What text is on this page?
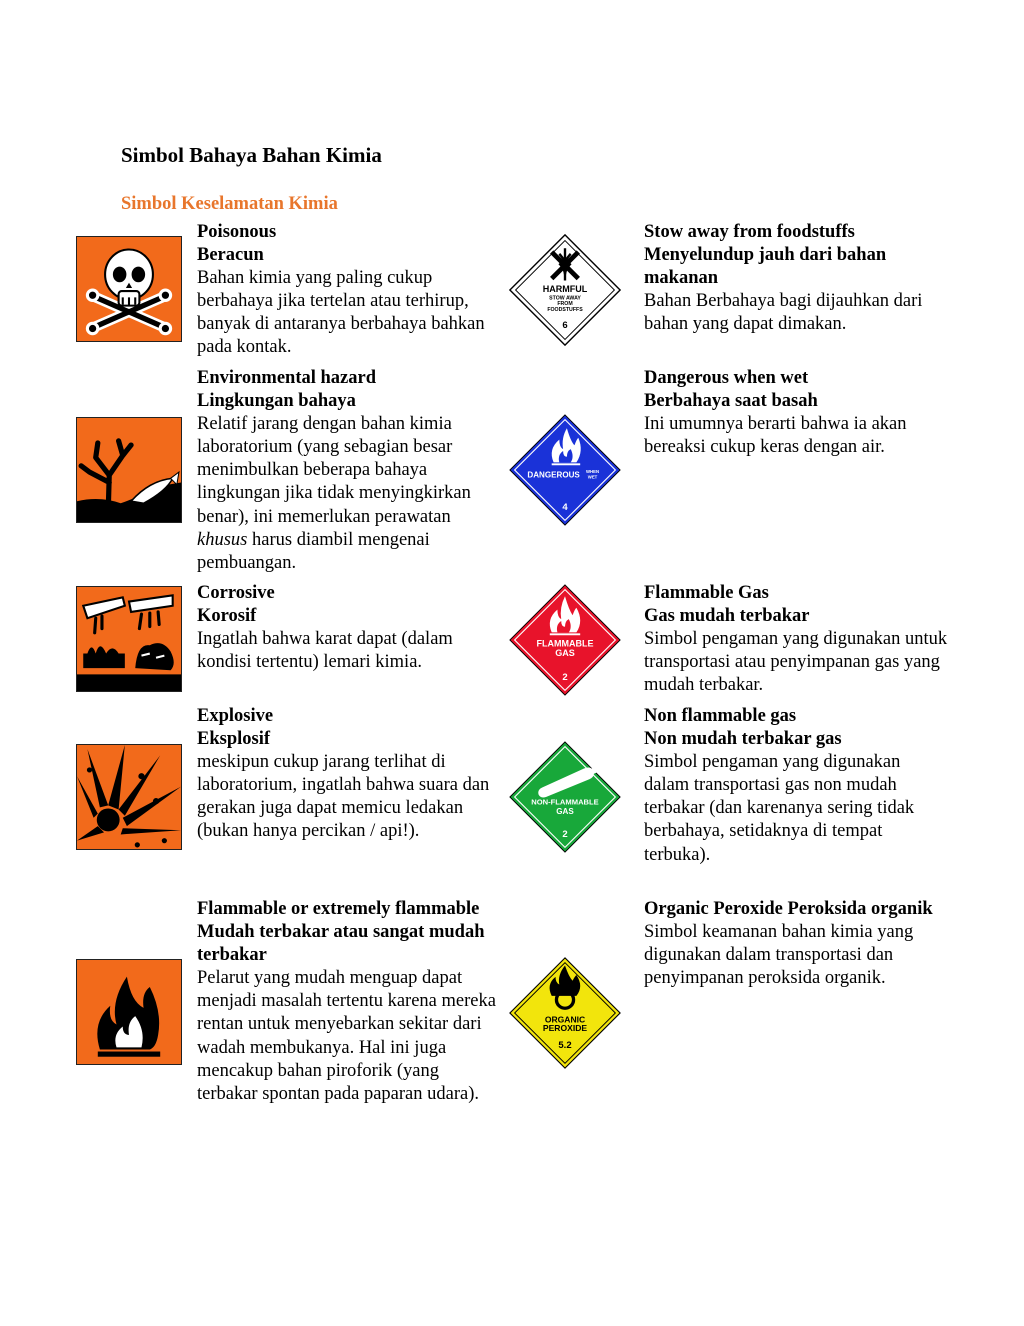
Simbol Bahaya Bahan Kimia
Simbol Keselamatan Kimia
HARMFUL
STOW AWAY
FROM
FOODSTUFFS
6
DANGEROUS WHEN
WET
4
FLAMMABLE
GAS
2
NON-FLAMMABLE
GAS
2
ORGANIC
PEROXIDE
5.2
Poisonous
Beracun
Bahan kimia yang paling cukup berbahaya jika tertelan atau terhirup, banyak di antaranya berbahaya bahkan pada kontak.
Environmental hazard
Lingkungan bahaya
Relatif jarang dengan bahan kimia laboratorium (yang sebagian besar menimbulkan beberapa bahaya lingkungan jika tidak menyingkirkan benar), ini memerlukan perawatan khusus harus diambil mengenai pembuangan.
Corrosive
Korosif
Ingatlah bahwa karat dapat (dalam kondisi tertentu) lemari kimia.
Explosive
Eksplosif
meskipun cukup jarang terlihat di laboratorium, ingatlah bahwa suara dan gerakan juga dapat memicu ledakan (bukan hanya percikan / api!).
Flammable or extremely flammable Mudah terbakar atau sangat mudah terbakar
Pelarut yang mudah menguap dapat menjadi masalah tertentu karena mereka rentan untuk menyebarkan sekitar dari wadah membukanya. Hal ini juga mencakup bahan piroforik (yang terbakar spontan pada paparan udara).
Stow away from foodstuffs
Menyelundup jauh dari bahan makanan
Bahan Berbahaya bagi dijauhkan dari bahan yang dapat dimakan.
Dangerous when wet
Berbahaya saat basah
Ini umumnya berarti bahwa ia akan bereaksi cukup keras dengan air.
Flammable Gas
Gas mudah terbakar
Simbol pengaman yang digunakan untuk transportasi atau penyimpanan gas yang mudah terbakar.
Non flammable gas
Non mudah terbakar gas
Simbol pengaman yang digunakan dalam transportasi gas non mudah terbakar (dan karenanya sering tidak berbahaya, setidaknya di tempat terbuka).
Organic Peroxide Peroksida organik
Simbol keamanan bahan kimia yang digunakan dalam transportasi dan penyimpanan peroksida organik.
